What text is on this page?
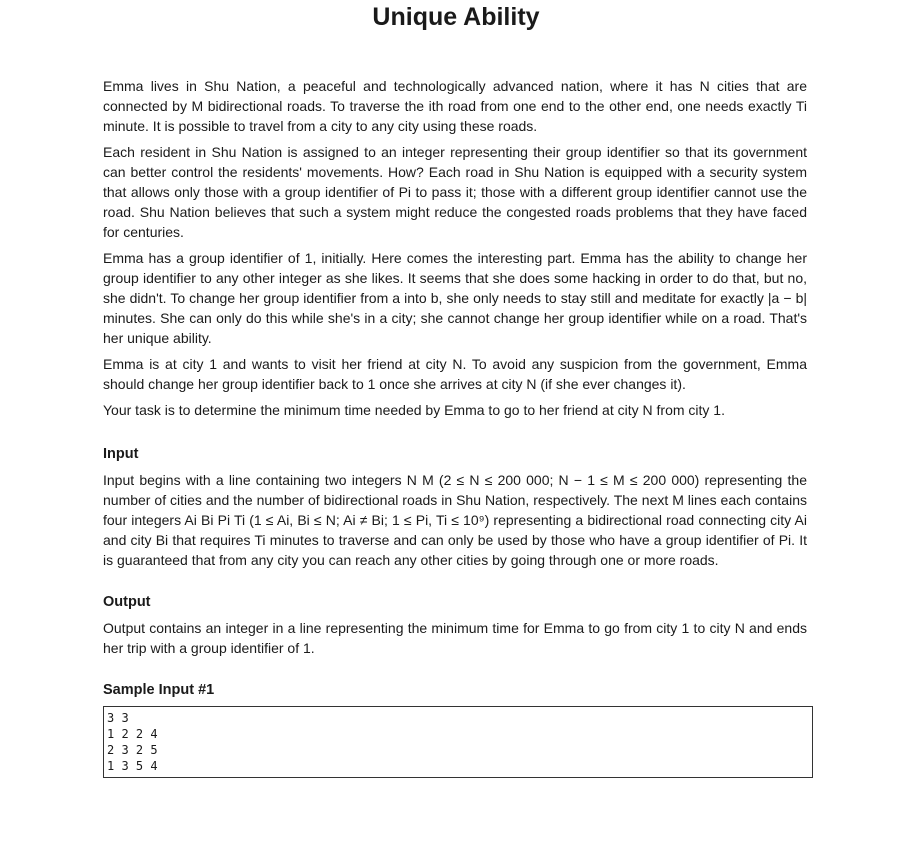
Unique Ability

Emma lives in Shu Nation, a peaceful and technologically advanced nation, where it has N cities that are connected by M bidirectional roads. To traverse the ith road from one end to the other end, one needs exactly Ti minute. It is possible to travel from a city to any city using these roads.

Each resident in Shu Nation is assigned to an integer representing their group identifier so that its government can better control the residents' movements. How? Each road in Shu Nation is equipped with a security system that allows only those with a group identifier of Pi to pass it; those with a different group identifier cannot use the road. Shu Nation believes that such a system might reduce the congested roads problems that they have faced for centuries.

Emma has a group identifier of 1, initially. Here comes the interesting part. Emma has the ability to change her group identifier to any other integer as she likes. It seems that she does some hacking in order to do that, but no, she didn't. To change her group identifier from a into b, she only needs to stay still and meditate for exactly |a − b| minutes. She can only do this while she's in a city; she cannot change her group identifier while on a road. That's her unique ability.

Emma is at city 1 and wants to visit her friend at city N. To avoid any suspicion from the government, Emma should change her group identifier back to 1 once she arrives at city N (if she ever changes it).

Your task is to determine the minimum time needed by Emma to go to her friend at city N from city 1.

Input

Input begins with a line containing two integers N M (2 ≤ N ≤ 200 000; N − 1 ≤ M ≤ 200 000) representing the number of cities and the number of bidirectional roads in Shu Nation, respectively. The next M lines each contains four integers Ai Bi Pi Ti (1 ≤ Ai, Bi ≤ N; Ai ≠ Bi; 1 ≤ Pi, Ti ≤ 10⁹) representing a bidirectional road connecting city Ai and city Bi that requires Ti minutes to traverse and can only be used by those who have a group identifier of Pi. It is guaranteed that from any city you can reach any other cities by going through one or more roads.

Output

Output contains an integer in a line representing the minimum time for Emma to go from city 1 to city N and ends her trip with a group identifier of 1.

Sample Input #1
3 3
1 2 2 4
2 3 2 5
1 3 5 4
